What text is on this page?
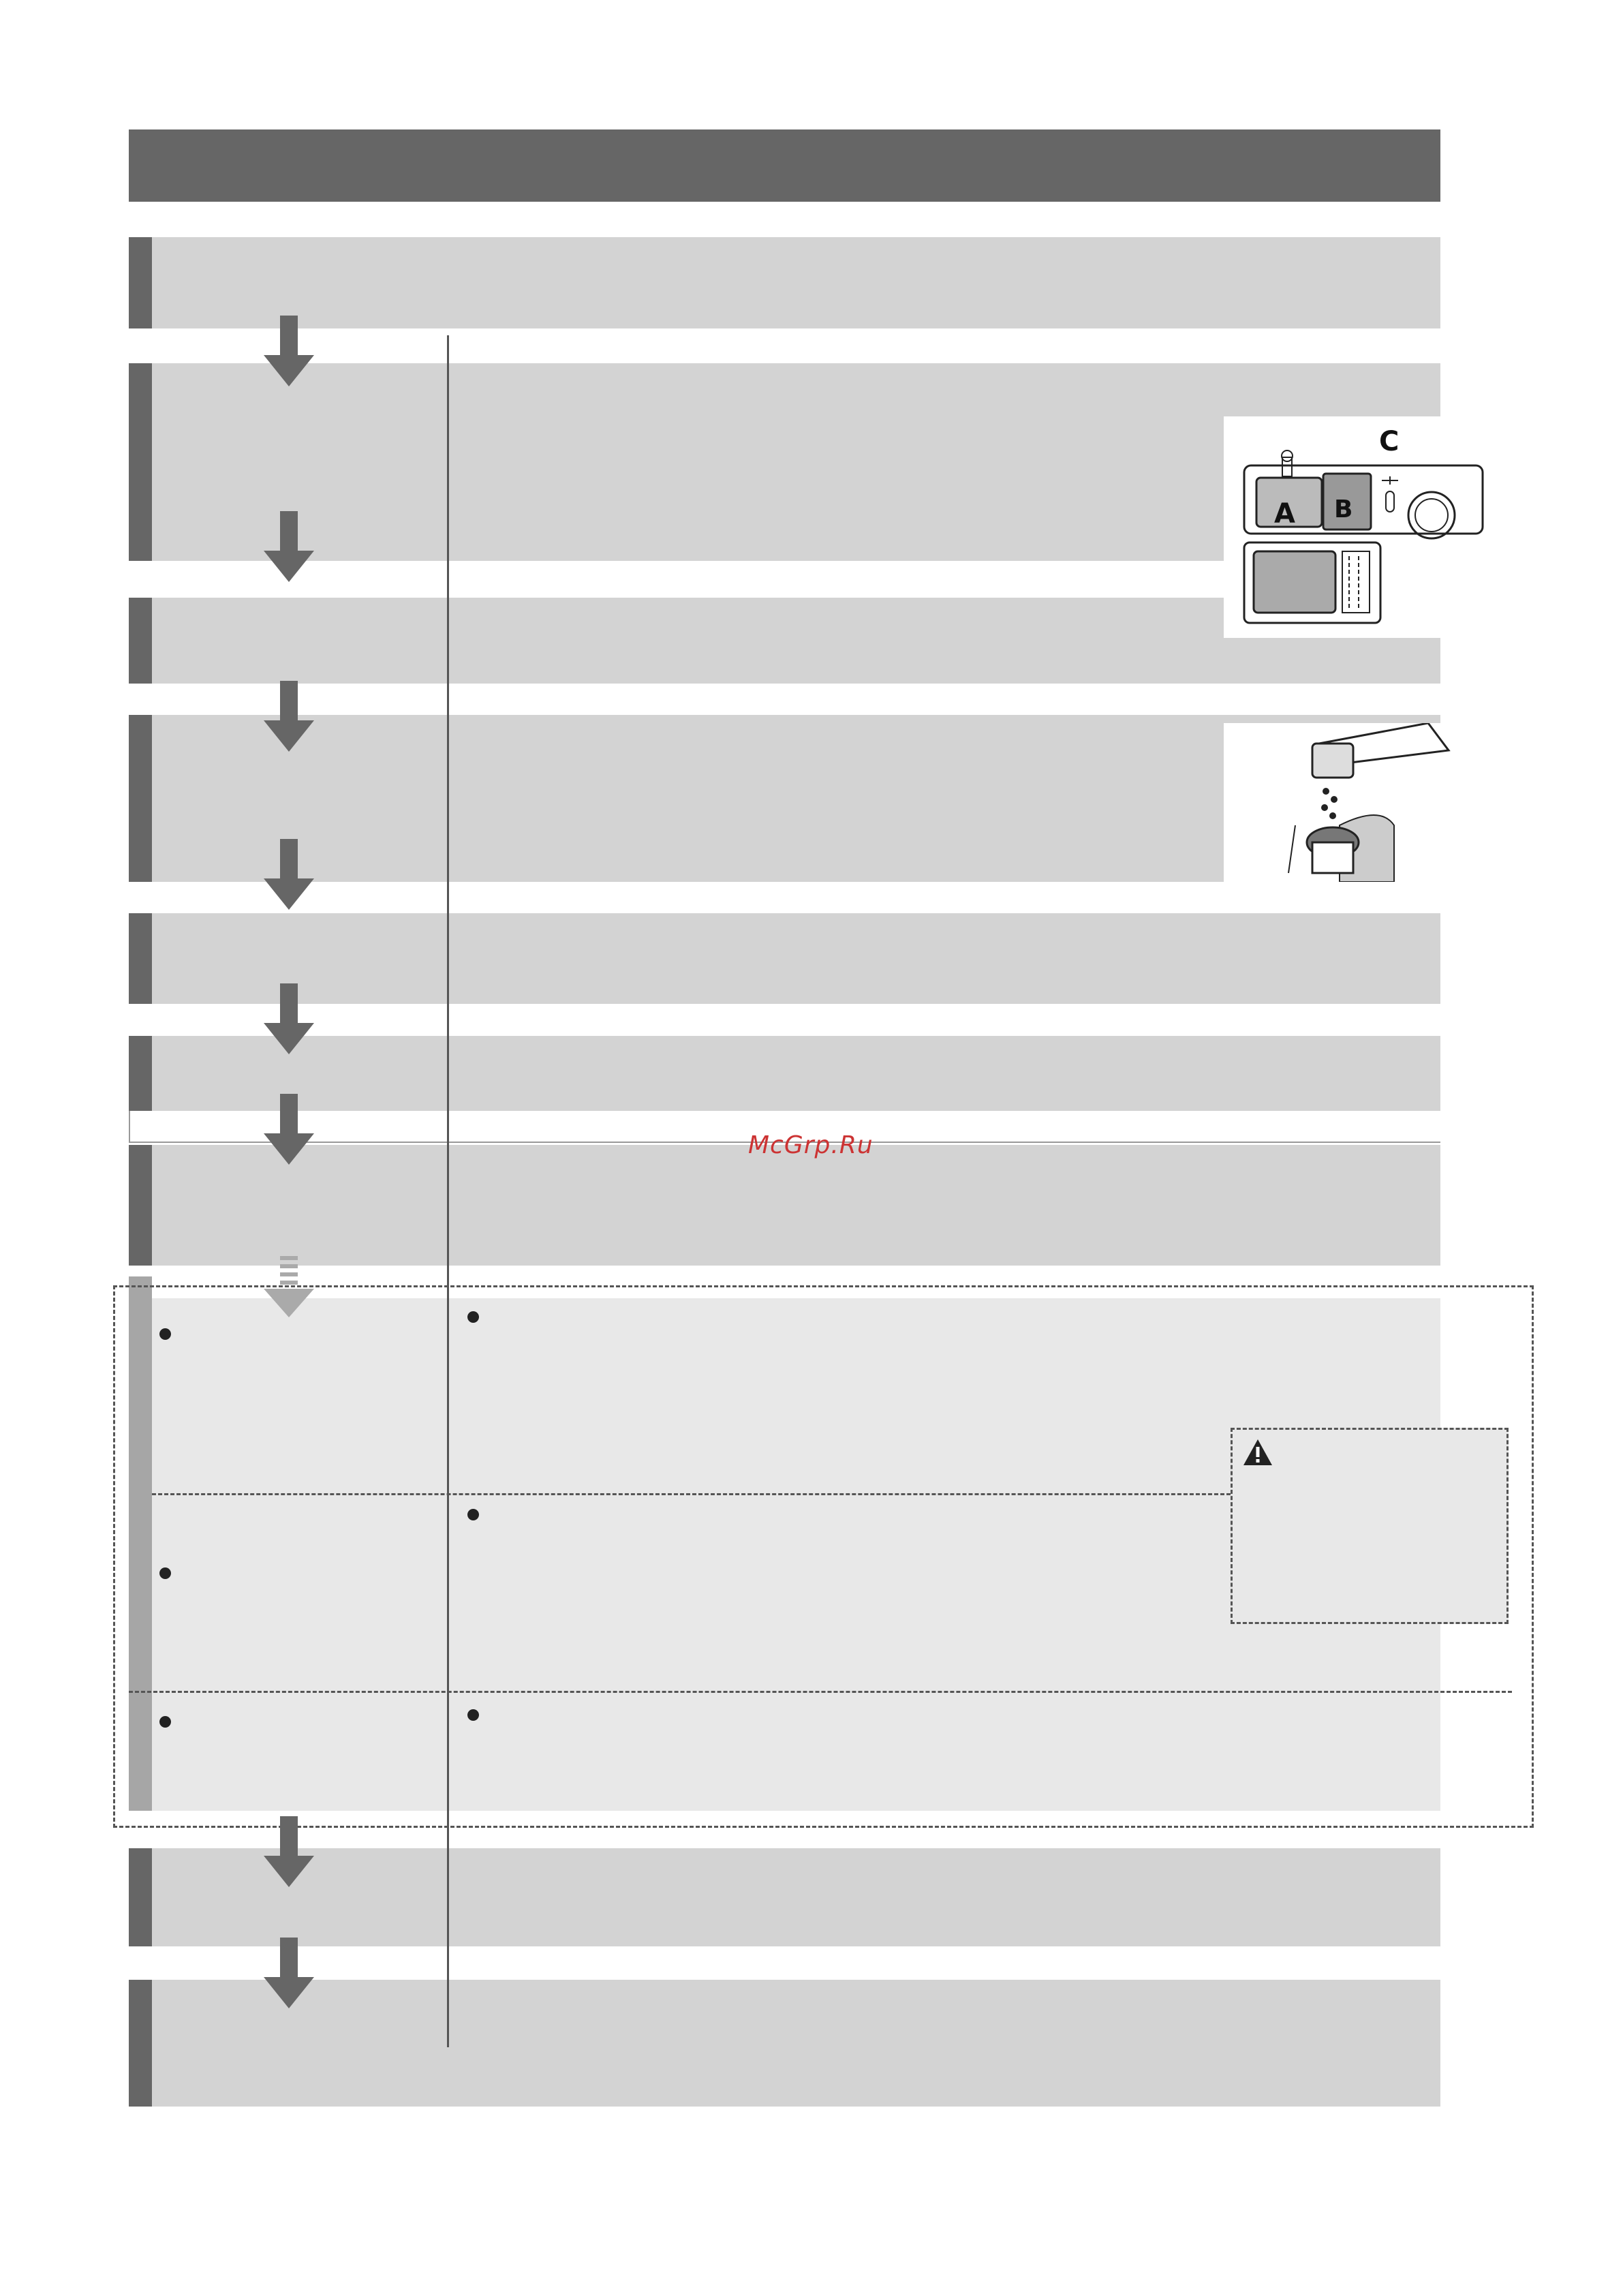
A B
C
McGrp.Ru
